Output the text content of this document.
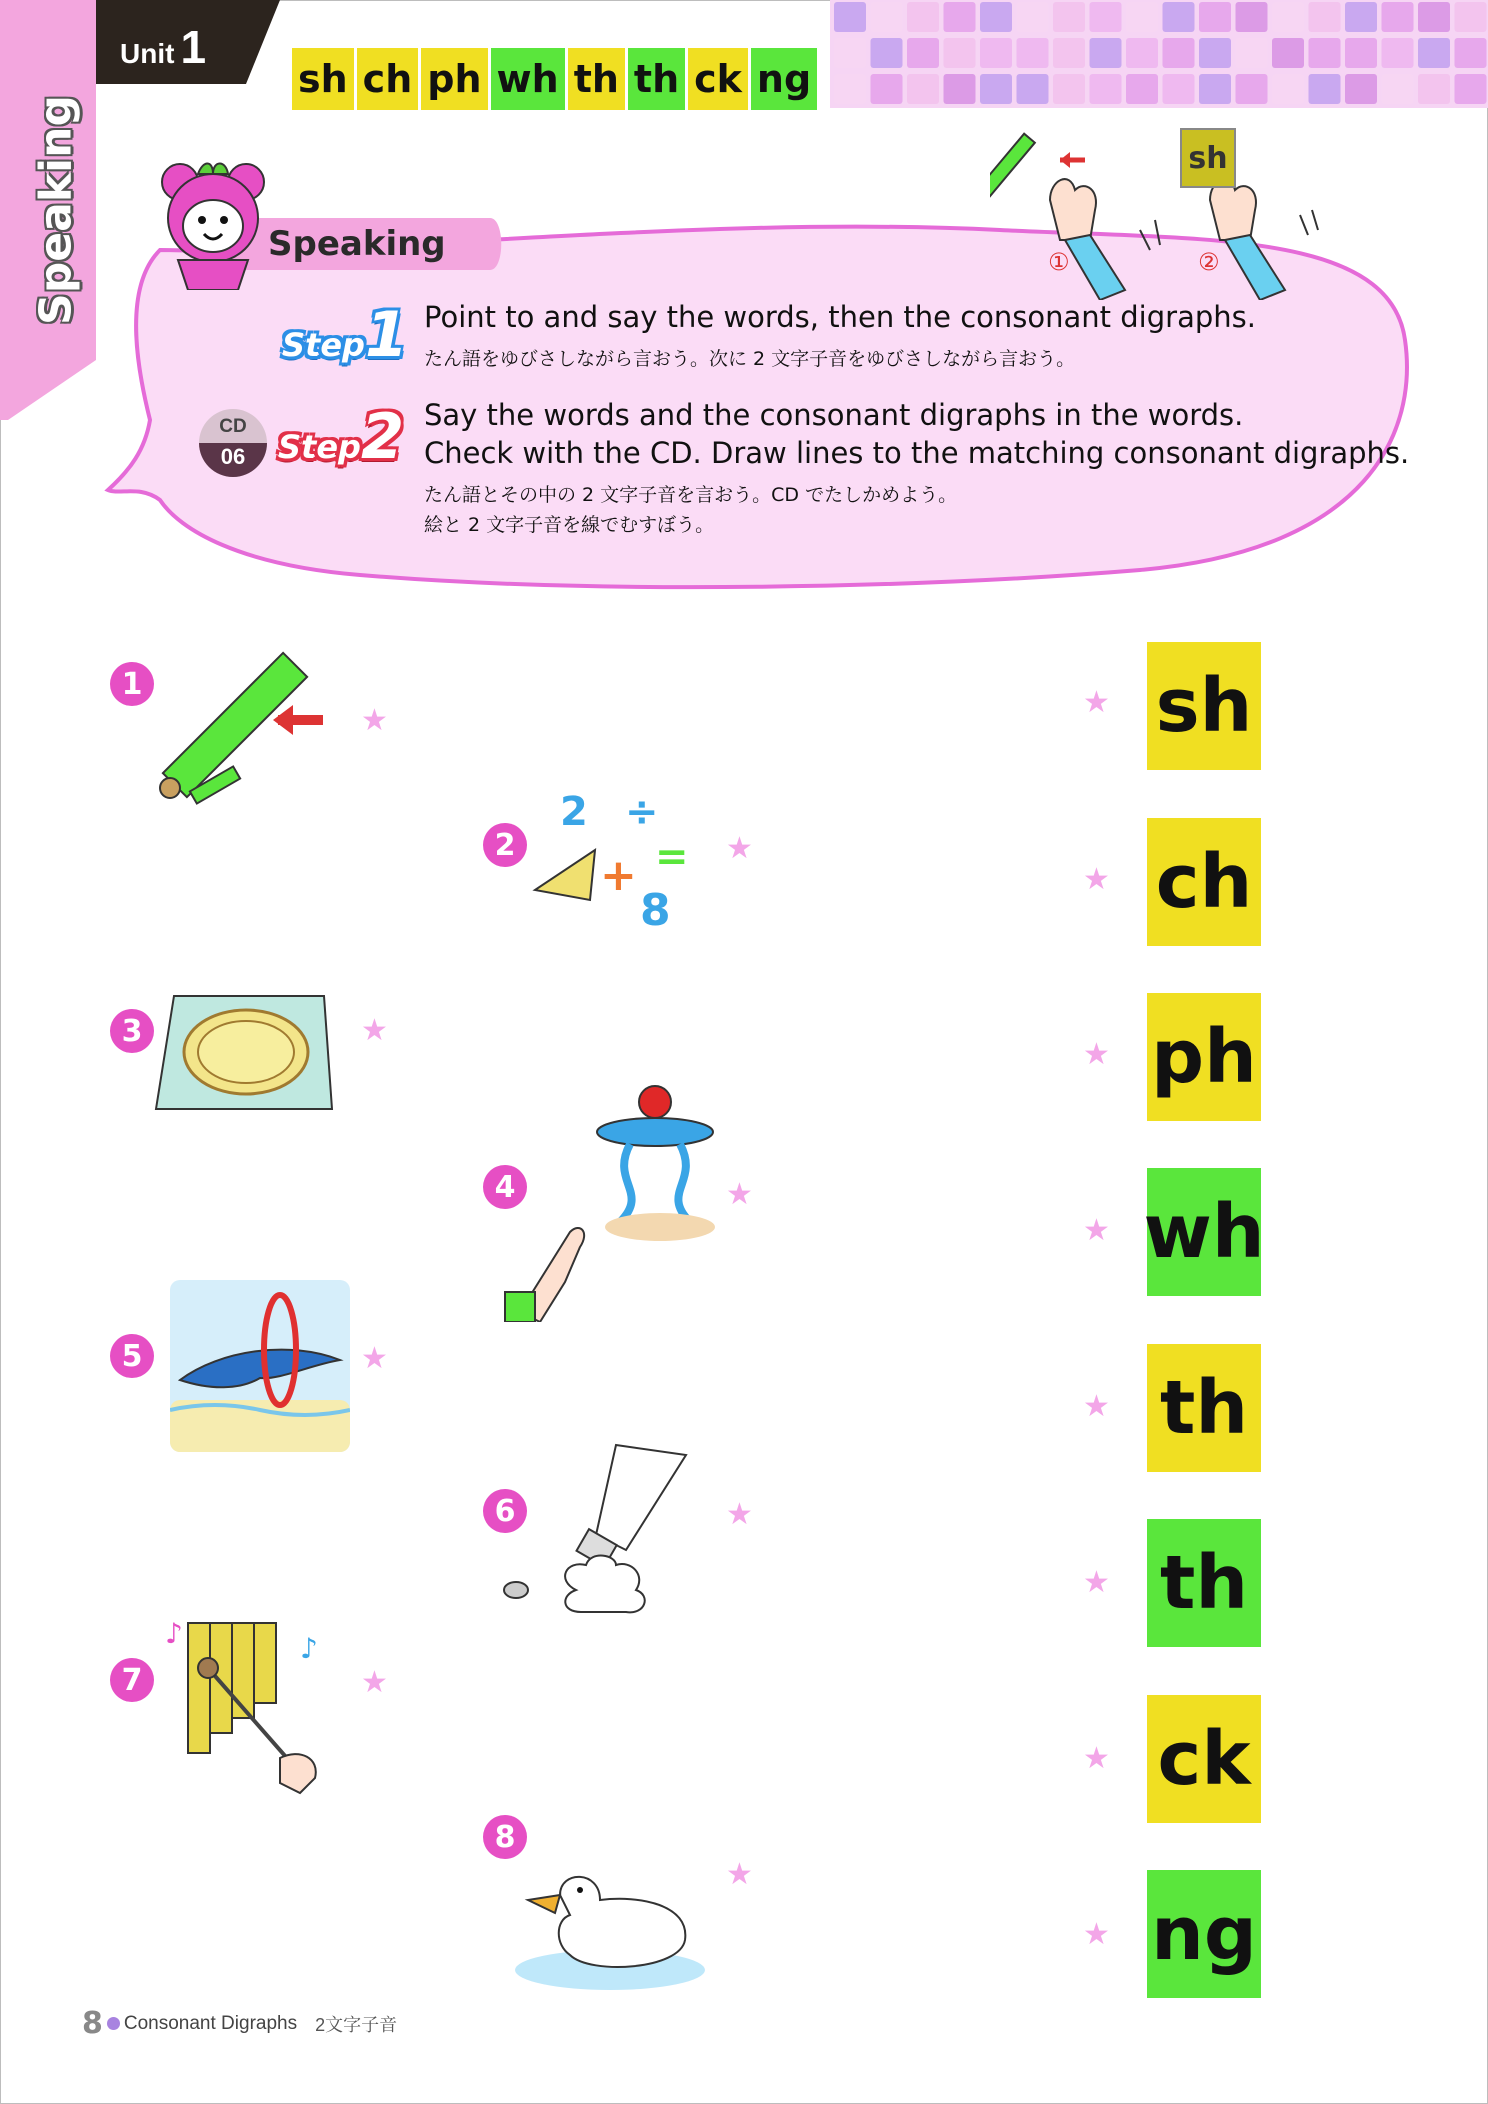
Speaking
Unit 1
sh ch ph wh th th ck ng
Speaking	①	②
sh
Step1 Point to and say the words, then the consonant digraphs.
たん語をゆびさしながら言おう。次に 2 文字子音をゆびさしながら言おう。
CD
06	Step2 Say the words and the consonant digraphs in the words.
Check with the CD. Draw lines to the matching consonant digraphs.
たん語とその中の 2 文字子音を言おう。CD でたしかめよう。
絵と 2 文字子音を線でむすぼう。
1
★
2
2 ÷
+ =
8
★
3	★
4	★
5	★
6	★
7
♪	♪
★
8
★
★ sh
★ ch
★ ph
★ wh
★ th
★ th
★ ck
★ ng
8 Consonant Digraphs 2文字子音
